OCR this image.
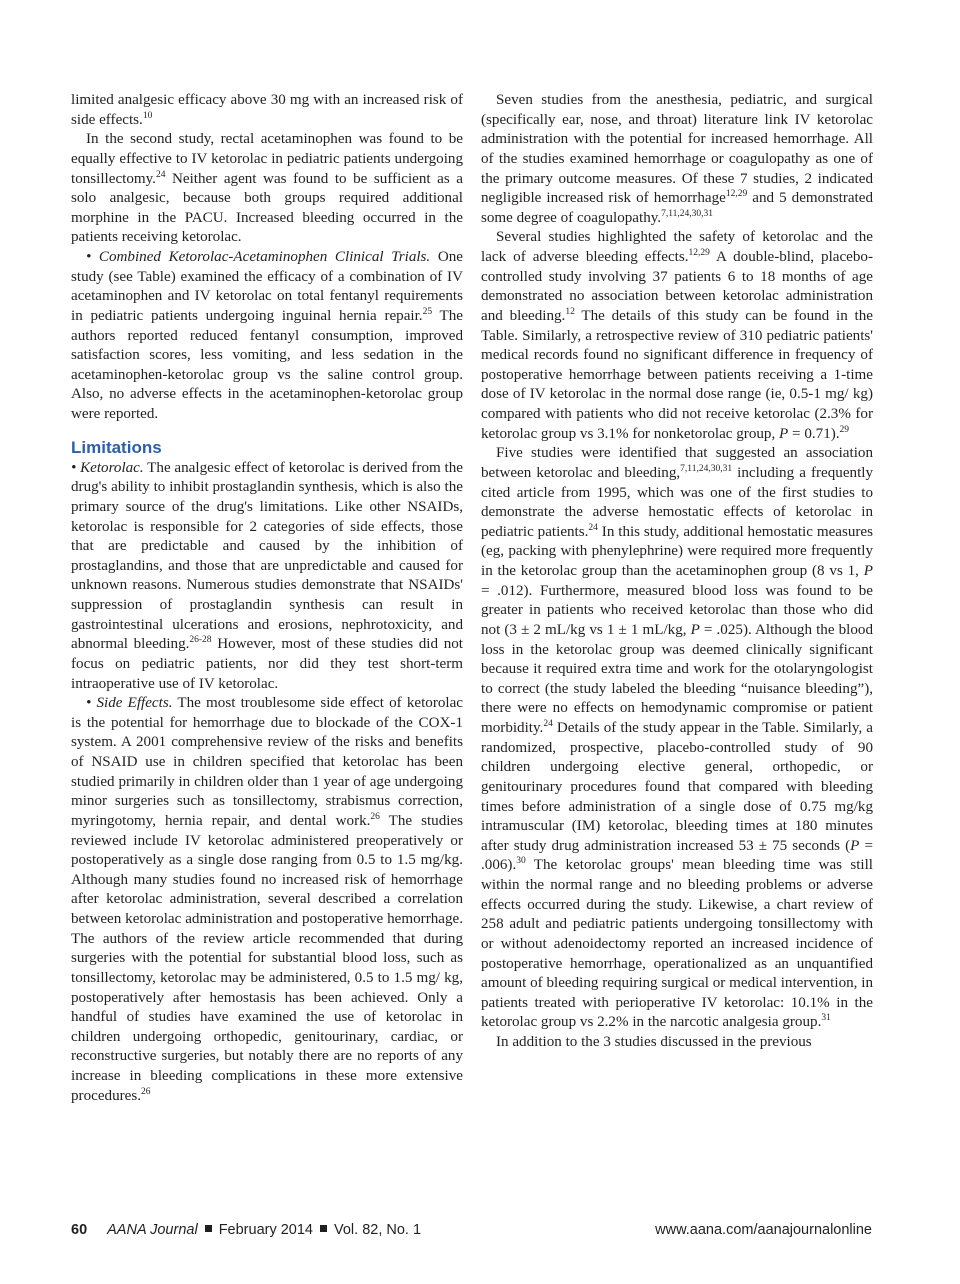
limited analgesic efficacy above 30 mg with an increased risk of side effects.$^{10}$

In the second study, rectal acetaminophen was found to be equally effective to IV ketorolac in pediatric patients undergoing tonsillectomy.$^{24}$ Neither agent was found to be sufficient as a solo analgesic, because both groups required additional morphine in the PACU. Increased bleeding occurred in the patients receiving ketorolac.

• Combined Ketorolac-Acetaminophen Clinical Trials. One study (see Table) examined the efficacy of a combination of IV acetaminophen and IV ketorolac on total fentanyl requirements in pediatric patients undergoing inguinal hernia repair.$^{25}$ The authors reported reduced fentanyl consumption, improved satisfaction scores, less vomiting, and less sedation in the acetaminophen-ketorolac group vs the saline control group. Also, no adverse effects in the acetaminophen-ketorolac group were reported.

Limitations

• Ketorolac. The analgesic effect of ketorolac is derived from the drug's ability to inhibit prostaglandin synthesis, which is also the primary source of the drug's limitations. Like other NSAIDs, ketorolac is responsible for 2 categories of side effects, those that are predictable and caused by the inhibition of prostaglandins, and those that are unpredictable and caused for unknown reasons. Numerous studies demonstrate that NSAIDs' suppression of prostaglandin synthesis can result in gastrointestinal ulcerations and erosions, nephrotoxicity, and abnormal bleeding.$^{26-28}$ However, most of these studies did not focus on pediatric patients, nor did they test short-term intraoperative use of IV ketorolac.

• Side Effects. The most troublesome side effect of ketorolac is the potential for hemorrhage due to blockade of the COX-1 system. A 2001 comprehensive review of the risks and benefits of NSAID use in children specified that ketorolac has been studied primarily in children older than 1 year of age undergoing minor surgeries such as tonsillectomy, strabismus correction, myringotomy, hernia repair, and dental work.$^{26}$ The studies reviewed include IV ketorolac administered preoperatively or postoperatively as a single dose ranging from 0.5 to 1.5 mg/kg. Although many studies found no increased risk of hemorrhage after ketorolac administration, several described a correlation between ketorolac administration and postoperative hemorrhage. The authors of the review article recommended that during surgeries with the potential for substantial blood loss, such as tonsillectomy, ketorolac may be administered, 0.5 to 1.5 mg/ kg, postoperatively after hemostasis has been achieved. Only a handful of studies have examined the use of ketorolac in children undergoing orthopedic, genitourinary, cardiac, or reconstructive surgeries, but notably there are no reports of any increase in bleeding complications in these more extensive procedures.$^{26}$

Seven studies from the anesthesia, pediatric, and surgical (specifically ear, nose, and throat) literature link IV ketorolac administration with the potential for increased hemorrhage. All of the studies examined hemorrhage or coagulopathy as one of the primary outcome measures. Of these 7 studies, 2 indicated negligible increased risk of hemorrhage$^{12,29}$ and 5 demonstrated some degree of coagulopathy.$^{7,11,24,30,31}$

Several studies highlighted the safety of ketorolac and the lack of adverse bleeding effects.$^{12,29}$ A double-blind, placebo-controlled study involving 37 patients 6 to 18 months of age demonstrated no association between ketorolac administration and bleeding.$^{12}$ The details of this study can be found in the Table. Similarly, a retrospective review of 310 pediatric patients' medical records found no significant difference in frequency of postoperative hemorrhage between patients receiving a 1-time dose of IV ketorolac in the normal dose range (ie, 0.5-1 mg/ kg) compared with patients who did not receive ketorolac (2.3% for ketorolac group vs 3.1% for nonketorolac group, P = 0.71).$^{29}$

Five studies were identified that suggested an association between ketorolac and bleeding,$^{7,11,24,30,31}$ including a frequently cited article from 1995, which was one of the first studies to demonstrate the adverse hemostatic effects of ketorolac in pediatric patients.$^{24}$ In this study, additional hemostatic measures (eg, packing with phenylephrine) were required more frequently in the ketorolac group than the acetaminophen group (8 vs 1, P = .012). Furthermore, measured blood loss was found to be greater in patients who received ketorolac than those who did not (3 ± 2 mL/kg vs 1 ± 1 mL/kg, P = .025). Although the blood loss in the ketorolac group was deemed clinically significant because it required extra time and work for the otolaryngologist to correct (the study labeled the bleeding “nuisance bleeding”), there were no effects on hemodynamic compromise or patient morbidity.$^{24}$ Details of the study appear in the Table. Similarly, a randomized, prospective, placebo-controlled study of 90 children undergoing elective general, orthopedic, or genitourinary procedures found that compared with bleeding times before administration of a single dose of 0.75 mg/kg intramuscular (IM) ketorolac, bleeding times at 180 minutes after study drug administration increased 53 ± 75 seconds (P = .006).$^{30}$ The ketorolac groups' mean bleeding time was still within the normal range and no bleeding problems or adverse effects occurred during the study. Likewise, a chart review of 258 adult and pediatric patients undergoing tonsillectomy with or without adenoidectomy reported an increased incidence of postoperative hemorrhage, operationalized as an unquantified amount of bleeding requiring surgical or medical intervention, in patients treated with perioperative IV ketorolac: 10.1% in the ketorolac group vs 2.2% in the narcotic analgesia group.$^{31}$

In addition to the 3 studies discussed in the previous

60 AANA Journal February 2014 Vol. 82, No. 1	www.aana.com/aanajournalonline
